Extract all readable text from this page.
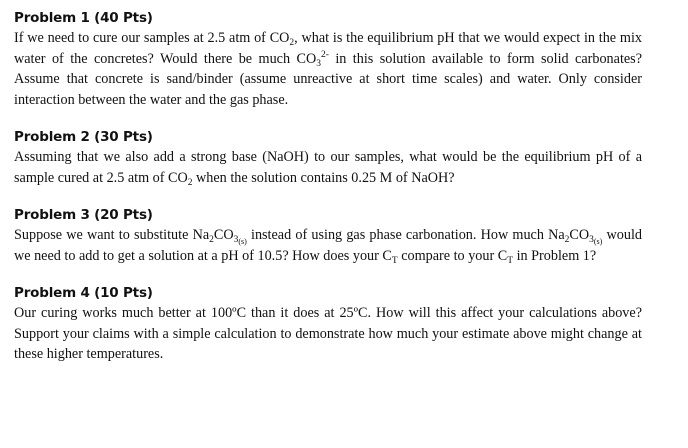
Problem 1 (40 Pts)

If we need to cure our samples at 2.5 atm of $CO_2$, what is the equilibrium pH that we would expect in the mix water of the concretes? Would there be much $CO_3^{2-}$ in this solution available to form solid carbonates? Assume that concrete is sand/binder (assume unreactive at short time scales) and water. Only consider interaction between the water and the gas phase.

Problem 2 (30 Pts)

Assuming that we also add a strong base (NaOH) to our samples, what would be the equilibrium pH of a sample cured at 2.5 atm of $CO_2$ when the solution contains 0.25 M of NaOH?

Problem 3 (20 Pts)

Suppose we want to substitute $Na_2CO_{3(s)}$ instead of using gas phase carbonation. How much $Na_2CO_{3(s)}$ would we need to add to get a solution at a pH of 10.5? How does your $C_T$ compare to your $C_T$ in Problem 1?

Problem 4 (10 Pts)

Our curing works much better at 100ºC than it does at 25ºC. How will this affect your calculations above? Support your claims with a simple calculation to demonstrate how much your estimate above might change at these higher temperatures.
